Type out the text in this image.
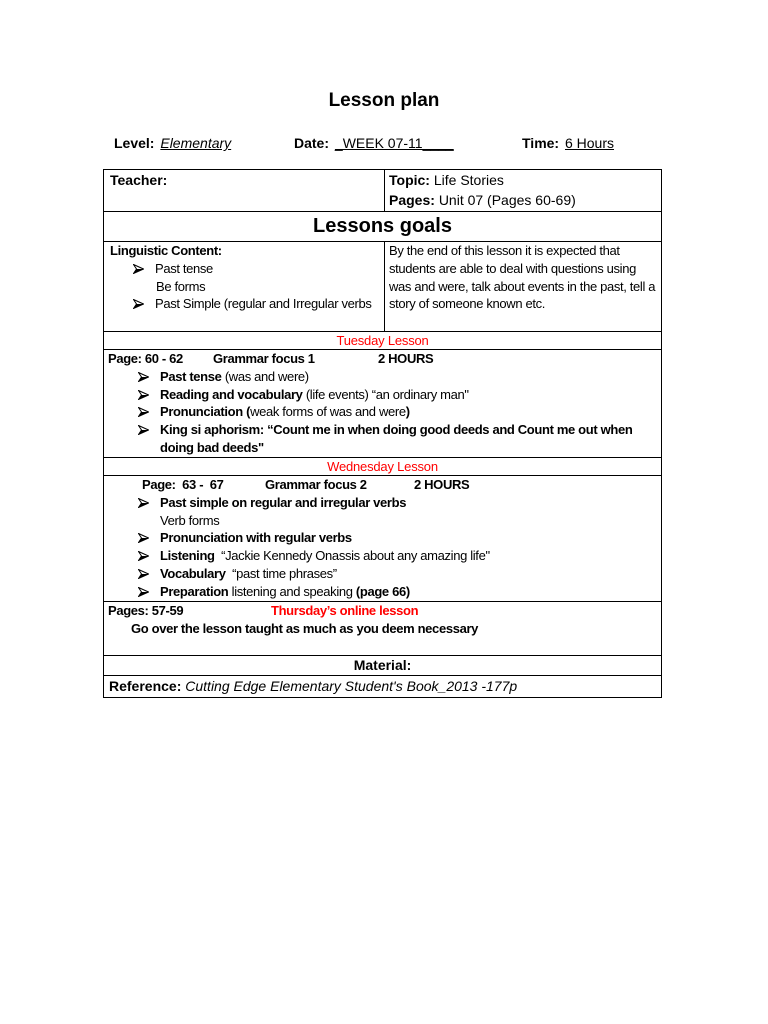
Lesson plan
Level: Elementary	Date: _WEEK 07-11____	Time: 6 Hours
Teacher:	Topic: Life Stories
Pages: Unit 07 (Pages 60-69)
Lessons goals
Linguistic Content:
Past tense
Be forms
Past Simple (regular and Irregular verbs

By the end of this lesson it is expected that students are able to deal with questions using was and were, talk about events in the past, tell a story of someone known etc.

Tuesday Lesson
Page: 60 - 62 Grammar focus 1	2 HOURS
Past tense (was and were)
Reading and vocabulary (life events) “an ordinary man"
Pronunciation (weak forms of was and were)
King si aphorism: “Count me in when doing good deeds and Count me out when doing bad deeds"
Wednesday Lesson
Page:  63 -  67	Grammar focus 2	2 HOURS
Past simple on regular and irregular verbs
Verb forms
Pronunciation with regular verbs
Listening “Jackie Kennedy Onassis about any amazing life"
Vocabulary “past time phrases”
Preparation listening and speaking (page 66)
Pages: 57-59	Thursday’s online lesson
Go over the lesson taught as much as you deem necessary
Material:
Reference: Cutting Edge Elementary Student's Book_2013 -177p
